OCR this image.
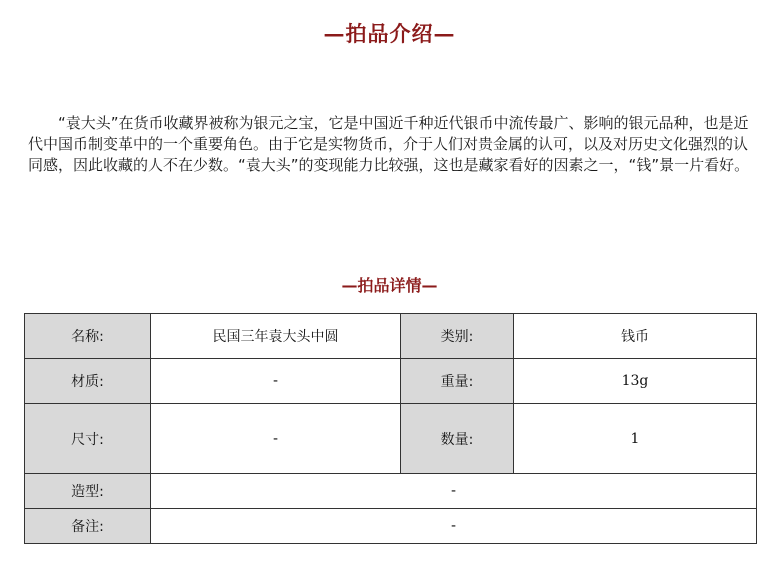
—拍品介绍—
“袁大头”在货币收藏界被称为银元之宝，它是中国近千种近代银币中流传最广、影响的银元品种，也是近代中国币制变革中的一个重要角色。由于它是实物货币，介于人们对贵金属的认可，以及对历史文化强烈的认同感，因此收藏的人不在少数。“袁大头”的变现能力比较强，这也是藏家看好的因素之一，“钱”景一片看好。
—拍品详情—
名称:	民国三年袁大头中圆	类别:	钱币
材质:	-	重量:	13g
尺寸:	-	数量:	1
造型:	-		
备注:	-		
